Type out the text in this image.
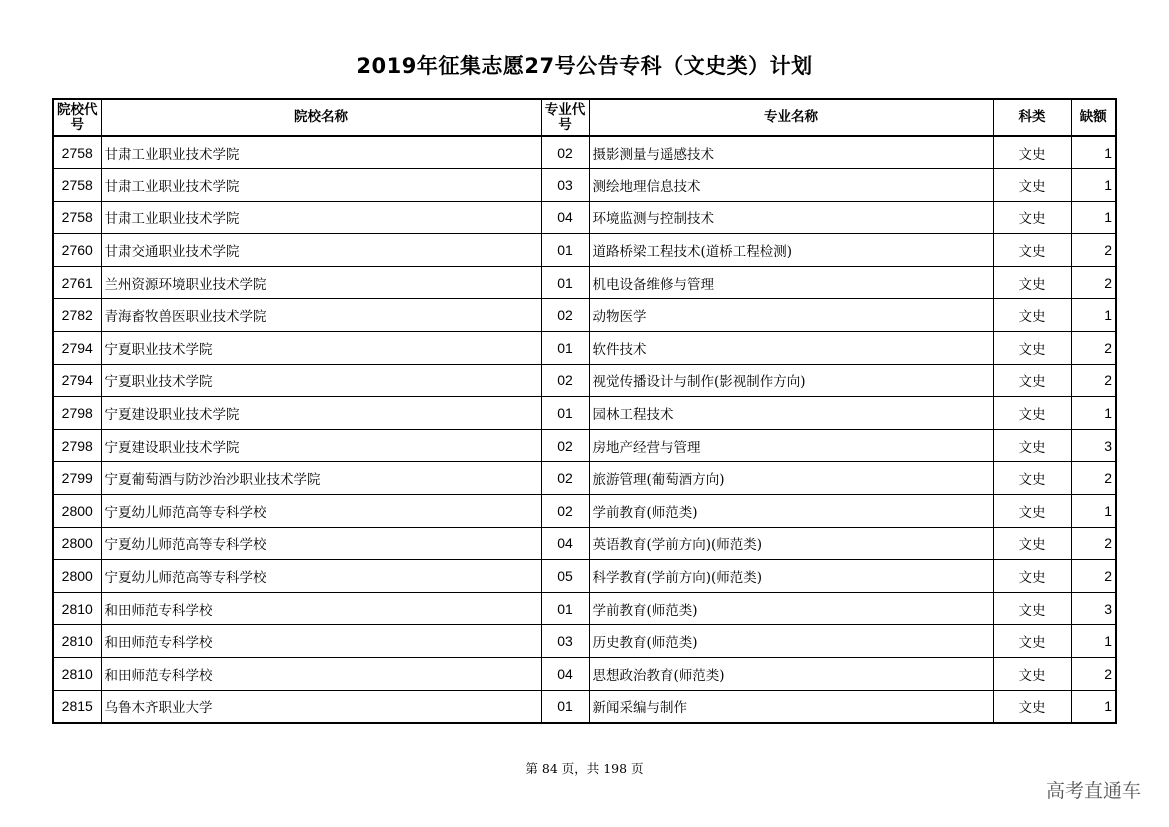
2019年征集志愿27号公告专科（文史类）计划
院校代号	院校名称	专业代号	专业名称	科类	缺额
2758	甘肃工业职业技术学院	02	摄影测量与遥感技术	文史	1
2758	甘肃工业职业技术学院	03	测绘地理信息技术	文史	1
2758	甘肃工业职业技术学院	04	环境监测与控制技术	文史	1
2760	甘肃交通职业技术学院	01	道路桥梁工程技术(道桥工程检测)	文史	2
2761	兰州资源环境职业技术学院	01	机电设备维修与管理	文史	2
2782	青海畜牧兽医职业技术学院	02	动物医学	文史	1
2794	宁夏职业技术学院	01	软件技术	文史	2
2794	宁夏职业技术学院	02	视觉传播设计与制作(影视制作方向)	文史	2
2798	宁夏建设职业技术学院	01	园林工程技术	文史	1
2798	宁夏建设职业技术学院	02	房地产经营与管理	文史	3
2799	宁夏葡萄酒与防沙治沙职业技术学院	02	旅游管理(葡萄酒方向)	文史	2
2800	宁夏幼儿师范高等专科学校	02	学前教育(师范类)	文史	1
2800	宁夏幼儿师范高等专科学校	04	英语教育(学前方向)(师范类)	文史	2
2800	宁夏幼儿师范高等专科学校	05	科学教育(学前方向)(师范类)	文史	2
2810	和田师范专科学校	01	学前教育(师范类)	文史	3
2810	和田师范专科学校	03	历史教育(师范类)	文史	1
2810	和田师范专科学校	04	思想政治教育(师范类)	文史	2
2815	乌鲁木齐职业大学	01	新闻采编与制作	文史	1
第 84 页，共 198 页
高考直通车
